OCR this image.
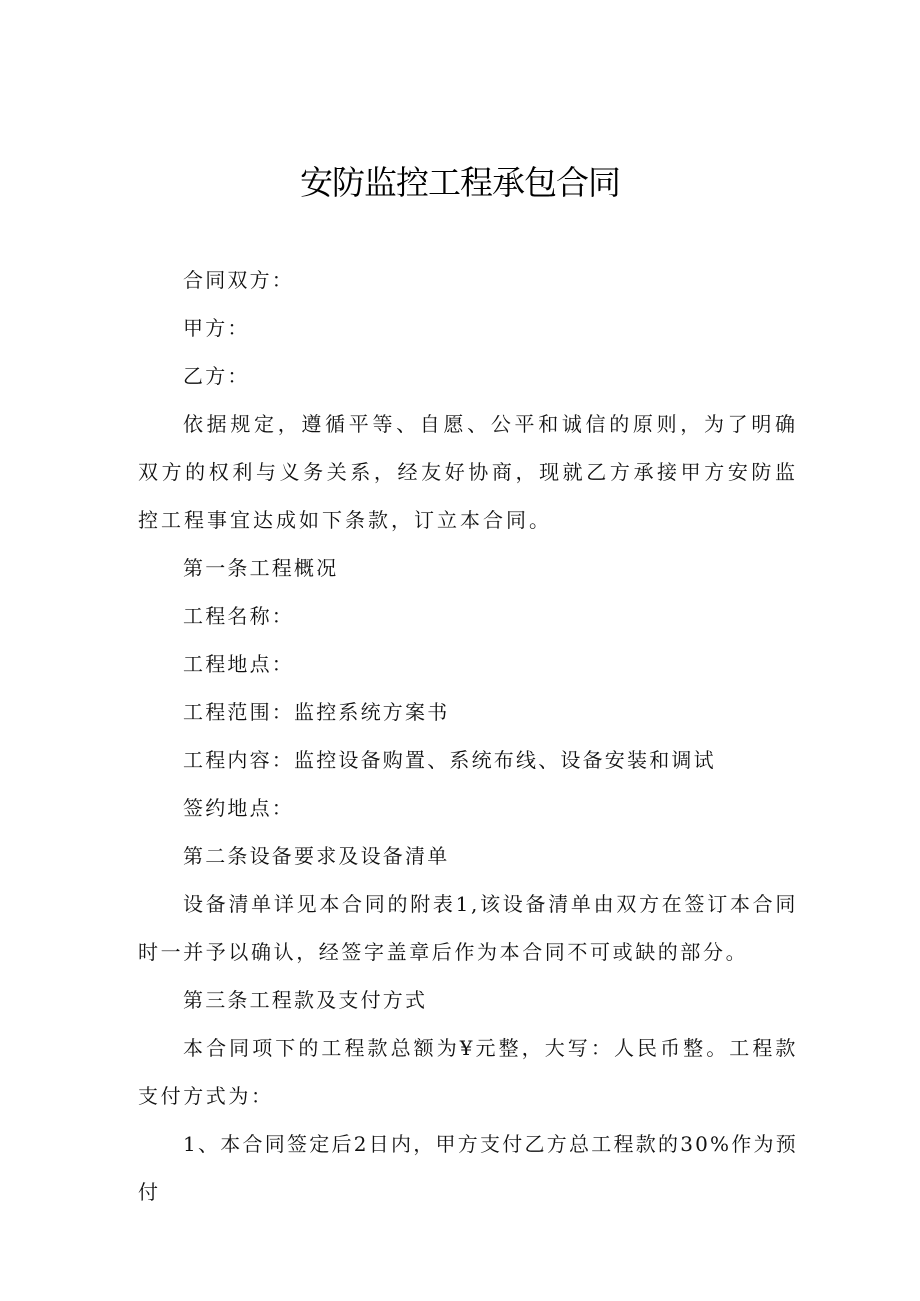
安防监控工程承包合同

合同双方：

甲方：

乙方：

依据规定，遵循平等、自愿、公平和诚信的原则，为了明确双方的权利与义务关系，经友好协商，现就乙方承接甲方安防监控工程事宜达成如下条款，订立本合同。

第一条工程概况

工程名称：

工程地点：

工程范围：监控系统方案书

工程内容：监控设备购置、系统布线、设备安装和调试

签约地点：

第二条设备要求及设备清单

设备清单详见本合同的附表1,该设备清单由双方在签订本合同时一并予以确认，经签字盖章后作为本合同不可或缺的部分。

第三条工程款及支付方式

本合同项下的工程款总额为¥元整，大写：人民币整。工程款支付方式为：

1、本合同签定后2日内，甲方支付乙方总工程款的30%作为预付
